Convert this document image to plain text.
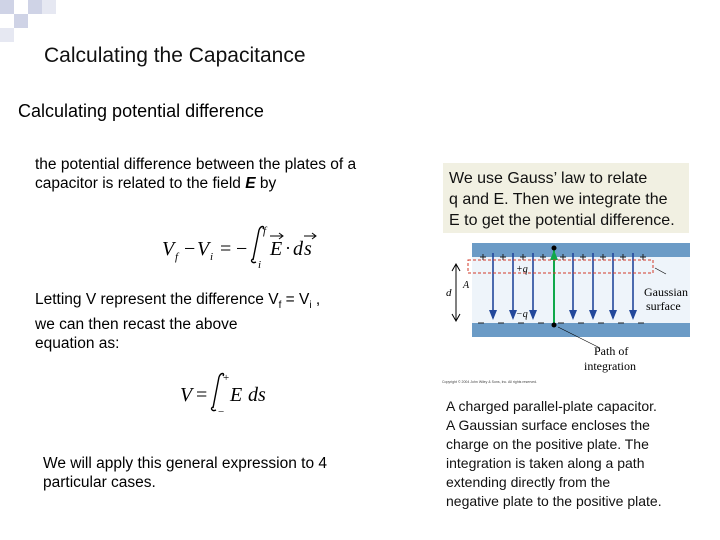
Calculating the Capacitance
Calculating potential difference
the potential difference between the plates of a
capacitor is related to the field E by
V f − V i = −
f
i
E · d s
Letting V represent the difference $V_f = V_i$ ,
we can then recast the above
equation as:
V =
+
−
E ds
We will apply this general expression to 4
particular cases.
We use Gauss’ law to relate
q and E. Then we integrate the
E to get the potential difference.
+q
−q
A
d	Gaussian
surface
Path of
integration
Copyright © 2004 John Wiley & Sons, Inc. All rights reserved.
A charged parallel-plate capacitor.
A Gaussian surface encloses the
charge on the positive plate. The
integration is taken along a path
extending directly from the
negative plate to the positive plate.
